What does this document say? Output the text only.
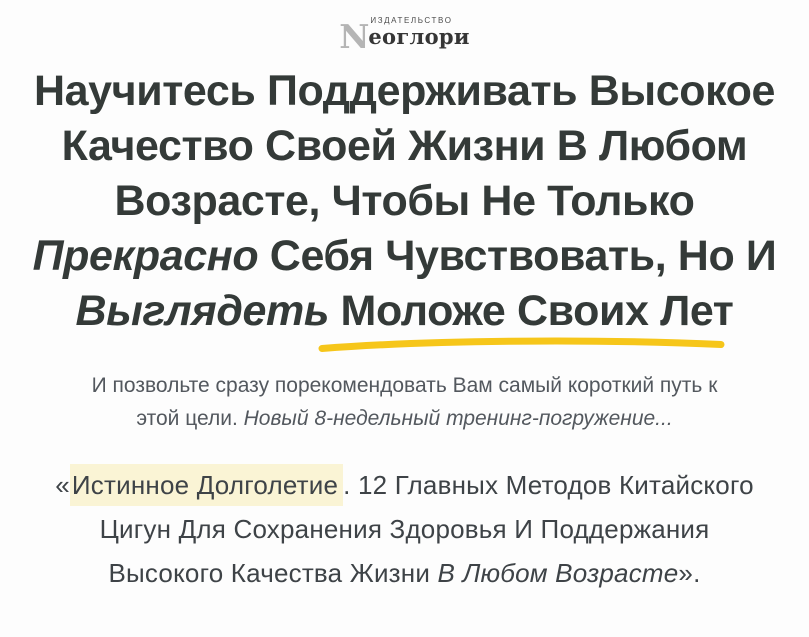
N ИЗДАТЕЛЬСТВО
еоглори
Научитесь Поддерживать Высокое
Качество Своей Жизни В Любом
Возрасте, Чтобы Не Только
Прекрасно Себя Чувствовать, Но И
Выглядеть Моложе Своих Лет

И позвольте сразу порекомендовать Вам самый короткий путь к
этой цели. Новый 8-недельный тренинг-погружение...

«Истинное Долголетие . 12 Главных Методов Китайского
Цигун Для Сохранения Здоровья И Поддержания
Высокого Качества Жизни В Любом Возрасте».
